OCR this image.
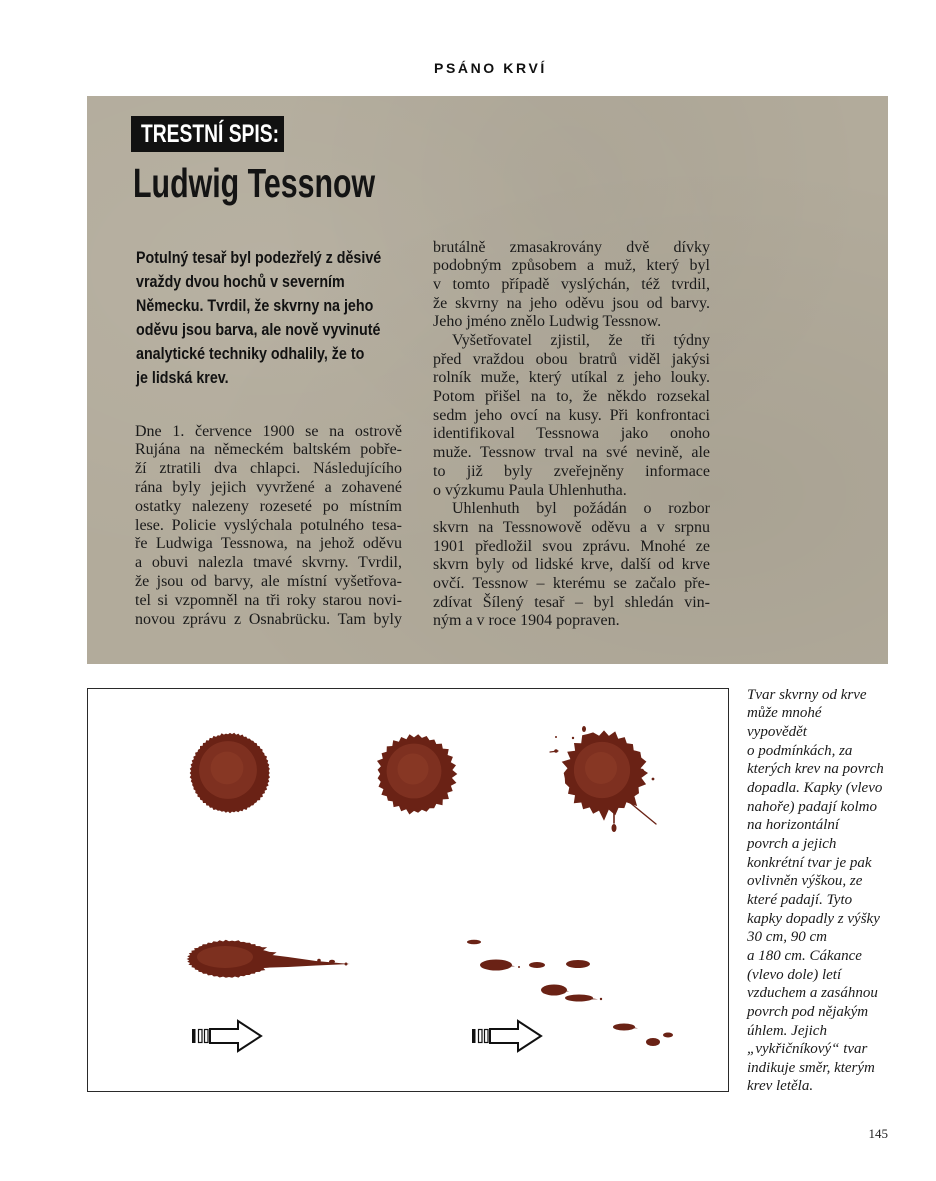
PSÁNO KRVÍ
TRESTNÍ SPIS:
Ludwig Tessnow
Potulný tesař byl podezřelý z děsivé
vraždy dvou hochů v severním
Německu. Tvrdil, že skvrny na jeho
oděvu jsou barva, ale nově vyvinuté
analytické techniky odhalily, že to
je lidská krev.
Dne 1. července 1900 se na ostrově
Rujána na německém baltském pobře-
ží ztratili dva chlapci. Následujícího
rána byly jejich vyvržené a zohavené
ostatky nalezeny rozeseté po místním
lese. Policie vyslýchala potulného tesa-
ře Ludwiga Tessnowa, na jehož oděvu
a obuvi nalezla tmavé skvrny. Tvrdil,
že jsou od barvy, ale místní vyšetřova-
tel si vzpomněl na tři roky starou novi-
novou zprávu z Osnabrücku. Tam byly
brutálně zmasakrovány dvě dívky
podobným způsobem a muž, který byl
v tomto případě vyslýchán, též tvrdil,
že skvrny na jeho oděvu jsou od barvy.
Jeho jméno znělo Ludwig Tessnow.
Vyšetřovatel zjistil, že tři týdny
před vraždou obou bratrů viděl jakýsi
rolník muže, který utíkal z jeho louky.
Potom přišel na to, že někdo rozsekal
sedm jeho ovcí na kusy. Při konfrontaci
identifikoval Tessnowa jako onoho
muže. Tessnow trval na své nevině, ale
to již byly zveřejněny informace
o výzkumu Paula Uhlenhutha.
Uhlenhuth byl požádán o rozbor
skvrn na Tessnowově oděvu a v srpnu
1901 předložil svou zprávu. Mnohé ze
skvrn byly od lidské krve, další od krve
ovčí. Tessnow – kterému se začalo pře-
zdívat Šílený tesař – byl shledán vin-
ným a v roce 1904 popraven.
Tvar skvrny od krve
může mnohé
vypovědět
o podmínkách, za
kterých krev na povrch
dopadla. Kapky (vlevo
nahoře) padají kolmo
na horizontální
povrch a jejich
konkrétní tvar je pak
ovlivněn výškou, ze
které padají. Tyto
kapky dopadly z výšky
30 cm, 90 cm
a 180 cm. Cákance
(vlevo dole) letí
vzduchem a zasáhnou
povrch pod nějakým
úhlem. Jejich
„vykřičníkový“ tvar
indikuje směr, kterým
krev letěla.
145
